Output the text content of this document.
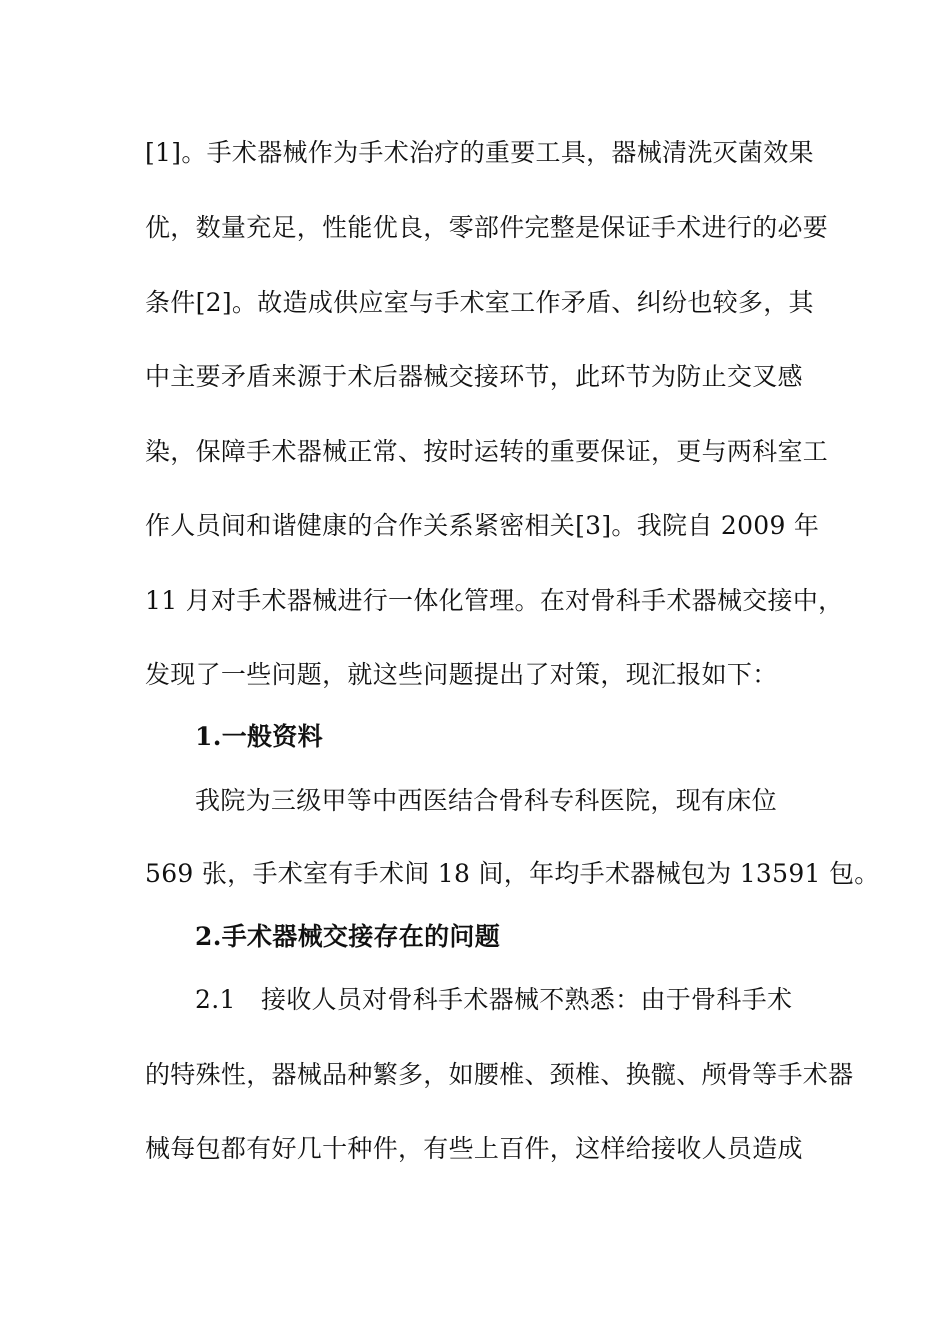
[1]。手术器械作为手术治疗的重要工具，器械清洗灭菌效果
优，数量充足，性能优良，零部件完整是保证手术进行的必要
条件[2]。故造成供应室与手术室工作矛盾、纠纷也较多，其
中主要矛盾来源于术后器械交接环节，此环节为防止交叉感
染，保障手术器械正常、按时运转的重要保证，更与两科室工
作人员间和谐健康的合作关系紧密相关[3]。我院自 2009 年
11 月对手术器械进行一体化管理。在对骨科手术器械交接中，
发现了一些问题，就这些问题提出了对策，现汇报如下：
1.一般资料
我院为三级甲等中西医结合骨科专科医院，现有床位
569 张，手术室有手术间 18 间，年均手术器械包为 13591 包。
2.手术器械交接存在的问题
2.1　接收人员对骨科手术器械不熟悉：由于骨科手术
的特殊性，器械品种繁多，如腰椎、颈椎、换髋、颅骨等手术器
械每包都有好几十种件，有些上百件，这样给接收人员造成
